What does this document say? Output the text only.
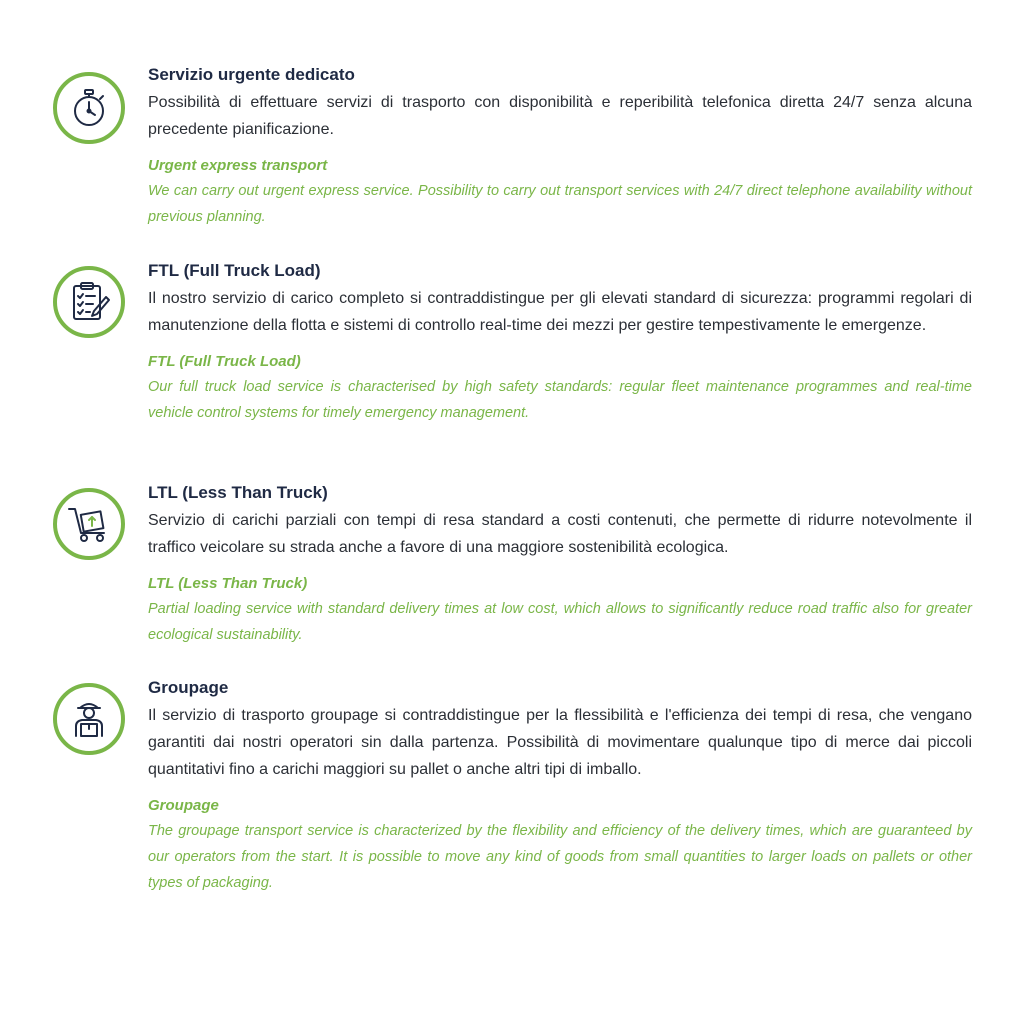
Servizio urgente dedicato

Possibilità di effettuare servizi di trasporto con disponibilità e reperibilità telefonica diretta 24/7 senza alcuna precedente pianificazione.

Urgent express transport

We can carry out urgent express service. Possibility to carry out transport services with 24/7 direct telephone availability without previous planning.

FTL (Full Truck Load)

Il nostro servizio di carico completo si contraddistingue per gli elevati standard di sicurezza: programmi regolari di manutenzione della flotta e sistemi di controllo real-time dei mezzi per gestire tempestivamente le emergenze.

FTL (Full Truck Load)

Our full truck load service is characterised by high safety standards: regular fleet maintenance programmes and real-time vehicle control systems for timely emergency management.

LTL (Less Than Truck)

Servizio di carichi parziali con tempi di resa standard a costi contenuti, che permette di ridurre notevolmente il traffico veicolare su strada anche a favore di una maggiore sostenibilità ecologica.

LTL (Less Than Truck)

Partial loading service with standard delivery times at low cost, which allows to significantly reduce road traffic also for greater ecological sustainability.

Groupage

Il servizio di trasporto groupage si contraddistingue per la flessibilità e l'efficienza dei tempi di resa, che vengano garantiti dai nostri operatori sin dalla partenza. Possibilità di movimentare qualunque tipo di merce dai piccoli quantitativi fino a carichi maggiori su pallet o anche altri tipi di imballo.

Groupage

The groupage transport service is characterized by the flexibility and efficiency of the delivery times, which are guaranteed by our operators from the start. It is possible to move any kind of goods from small quantities to larger loads on pallets or other types of packaging.
